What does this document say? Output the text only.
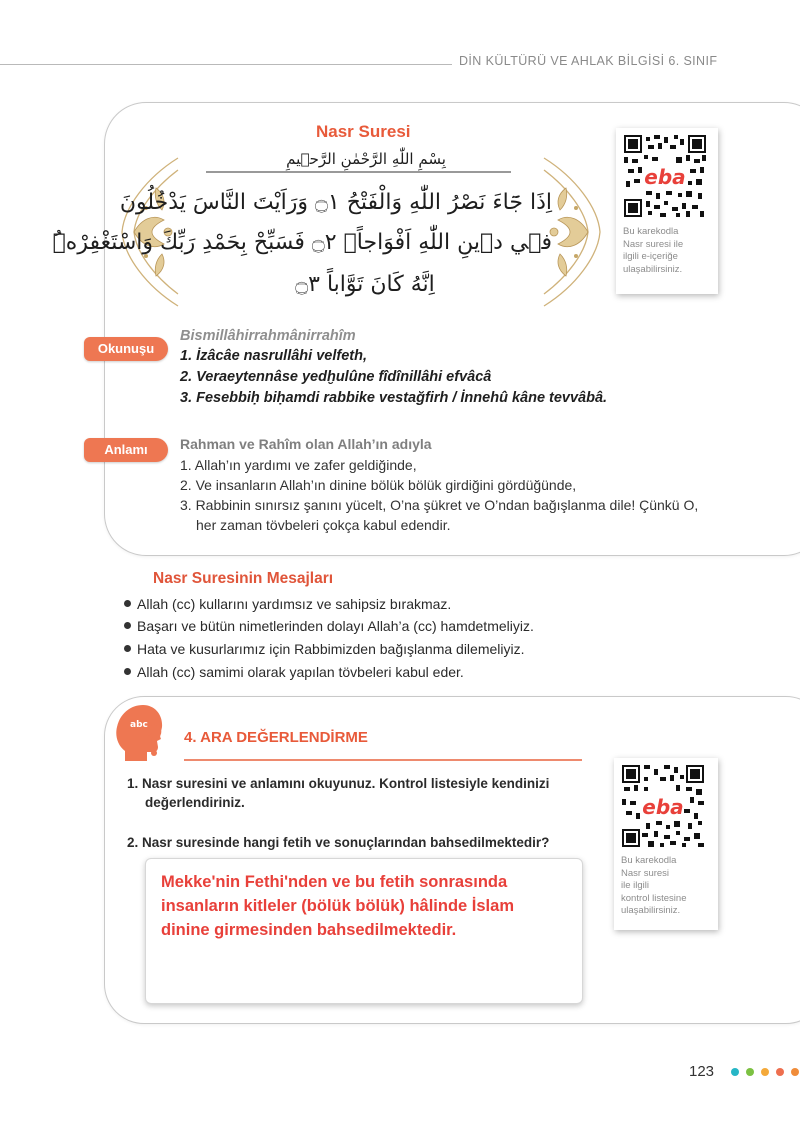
DİN KÜLTÜRÜ VE AHLAK BİLGİSİ 6. SINIF
Nasr Suresi
بِسْمِ اللّٰهِ الرَّحْمٰنِ الرَّح۪يمِ
اِذَا جَٓاءَ نَصْرُ اللّٰهِ وَالْفَتْحُ ۝١ وَرَاَيْتَ النَّاسَ يَدْخُلُونَ
ف۪ي د۪ينِ اللّٰهِ اَفْوَاجاًۙ ۝٢ فَسَبِّحْ بِحَمْدِ رَبِّكَ وَاسْتَغْفِرْهُۜ
اِنَّهُ كَانَ تَوَّاباً ۝٣
eba
Bu karekodla
Nasr suresi ile
ilgili e-içeriğe
ulaşabilirsiniz.
Okunuşu
Bismillâhirrahmânirrahîm
1. İzâcâe nasrullâhi velfeth,
2. Veraeytennâse yedḫulûne fîdînillâhi efvâcâ
3. Fesebbiḥ biḥamdi rabbike vestağfirh / İnnehû kâne tevvâbâ.
Anlamı	Rahman ve Rahîm olan Allah’ın adıyla
1. Allah’ın yardımı ve zafer geldiğinde,
2. Ve insanların Allah’ın dinine bölük bölük girdiğini gördüğünde,
3. Rabbinin sınırsız şanını yücelt, O’na şükret ve O’ndan bağışlanma dile! Çünkü O,
her zaman tövbeleri çokça kabul edendir.
Nasr Suresinin Mesajları
Allah (cc) kullarını yardımsız ve sahipsiz bırakmaz.
Başarı ve bütün nimetlerinden dolayı Allah’a (cc) hamdetmeliyiz.
Hata ve kusurlarımız için Rabbimizden bağışlanma dilemeliyiz.
Allah (cc) samimi olarak yapılan tövbeleri kabul eder.
abc
4. ARA DEĞERLENDİRME
1. Nasr suresini ve anlamını okuyunuz. Kontrol listesiyle kendinizi
değerlendiriniz.
2. Nasr suresinde hangi fetih ve sonuçlarından bahsedilmektedir?
Mekke'nin Fethi'nden ve bu fetih sonrasında
insanların kitleler (bölük bölük) hâlinde İslam
dinine girmesinden bahsedilmektedir.
eba
Bu karekodla
Nasr suresi
ile ilgili
kontrol listesine
ulaşabilirsiniz.
123
